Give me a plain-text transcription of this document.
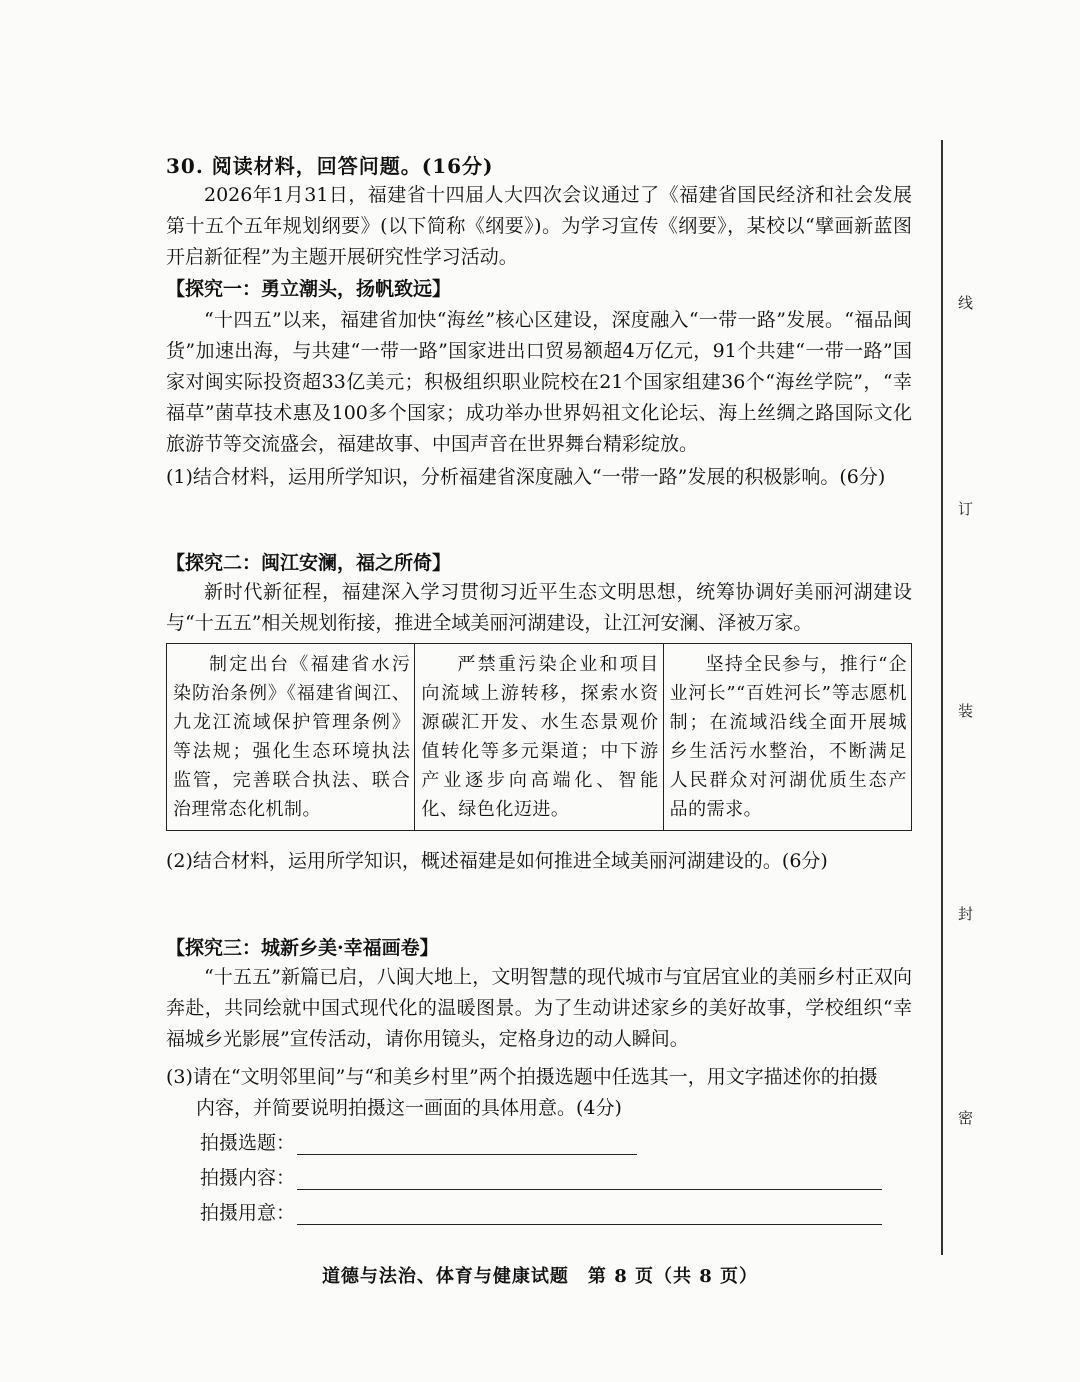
30. 阅读材料，回答问题。(16分)
2026年1月31日，福建省十四届人大四次会议通过了《福建省国民经济和社会发展第十五个五年规划纲要》(以下简称《纲要》)。为学习宣传《纲要》，某校以“擘画新蓝图 开启新征程”为主题开展研究性学习活动。
【探究一：勇立潮头，扬帆致远】
“十四五”以来，福建省加快“海丝”核心区建设，深度融入“一带一路”发展。“福品闽货”加速出海，与共建“一带一路”国家进出口贸易额超4万亿元，91个共建“一带一路”国家对闽实际投资超33亿美元；积极组织职业院校在21个国家组建36个“海丝学院”，“幸福草”菌草技术惠及100多个国家；成功举办世界妈祖文化论坛、海上丝绸之路国际文化旅游节等交流盛会，福建故事、中国声音在世界舞台精彩绽放。
(1)结合材料，运用所学知识，分析福建省深度融入“一带一路”发展的积极影响。(6分)
【探究二：闽江安澜，福之所倚】
新时代新征程，福建深入学习贯彻习近平生态文明思想，统筹协调好美丽河湖建设与“十五五”相关规划衔接，推进全域美丽河湖建设，让江河安澜、泽被万家。
制定出台《福建省水污染防治条例》《福建省闽江、九龙江流域保护管理条例》等法规；强化生态环境执法监管，完善联合执法、联合治理常态化机制。	严禁重污染企业和项目向流域上游转移，探索水资源碳汇开发、水生态景观价值转化等多元渠道；中下游产业逐步向高端化、智能化、绿色化迈进。	坚持全民参与，推行“企业河长”“百姓河长”等志愿机制；在流域沿线全面开展城乡生活污水整治，不断满足人民群众对河湖优质生态产品的需求。
(2)结合材料，运用所学知识，概述福建是如何推进全域美丽河湖建设的。(6分)
【探究三：城新乡美·幸福画卷】
“十五五”新篇已启，八闽大地上，文明智慧的现代城市与宜居宜业的美丽乡村正双向奔赴，共同绘就中国式现代化的温暖图景。为了生动讲述家乡的美好故事，学校组织“幸福城乡光影展”宣传活动，请你用镜头，定格身边的动人瞬间。
(3)请在“文明邻里间”与“和美乡村里”两个拍摄选题中任选其一，用文字描述你的拍摄
内容，并简要说明拍摄这一画面的具体用意。(4分)
拍摄选题：
拍摄内容：
拍摄用意：
道德与法治、体育与健康试题　第 8 页（共 8 页）
线
订
装
封
密
